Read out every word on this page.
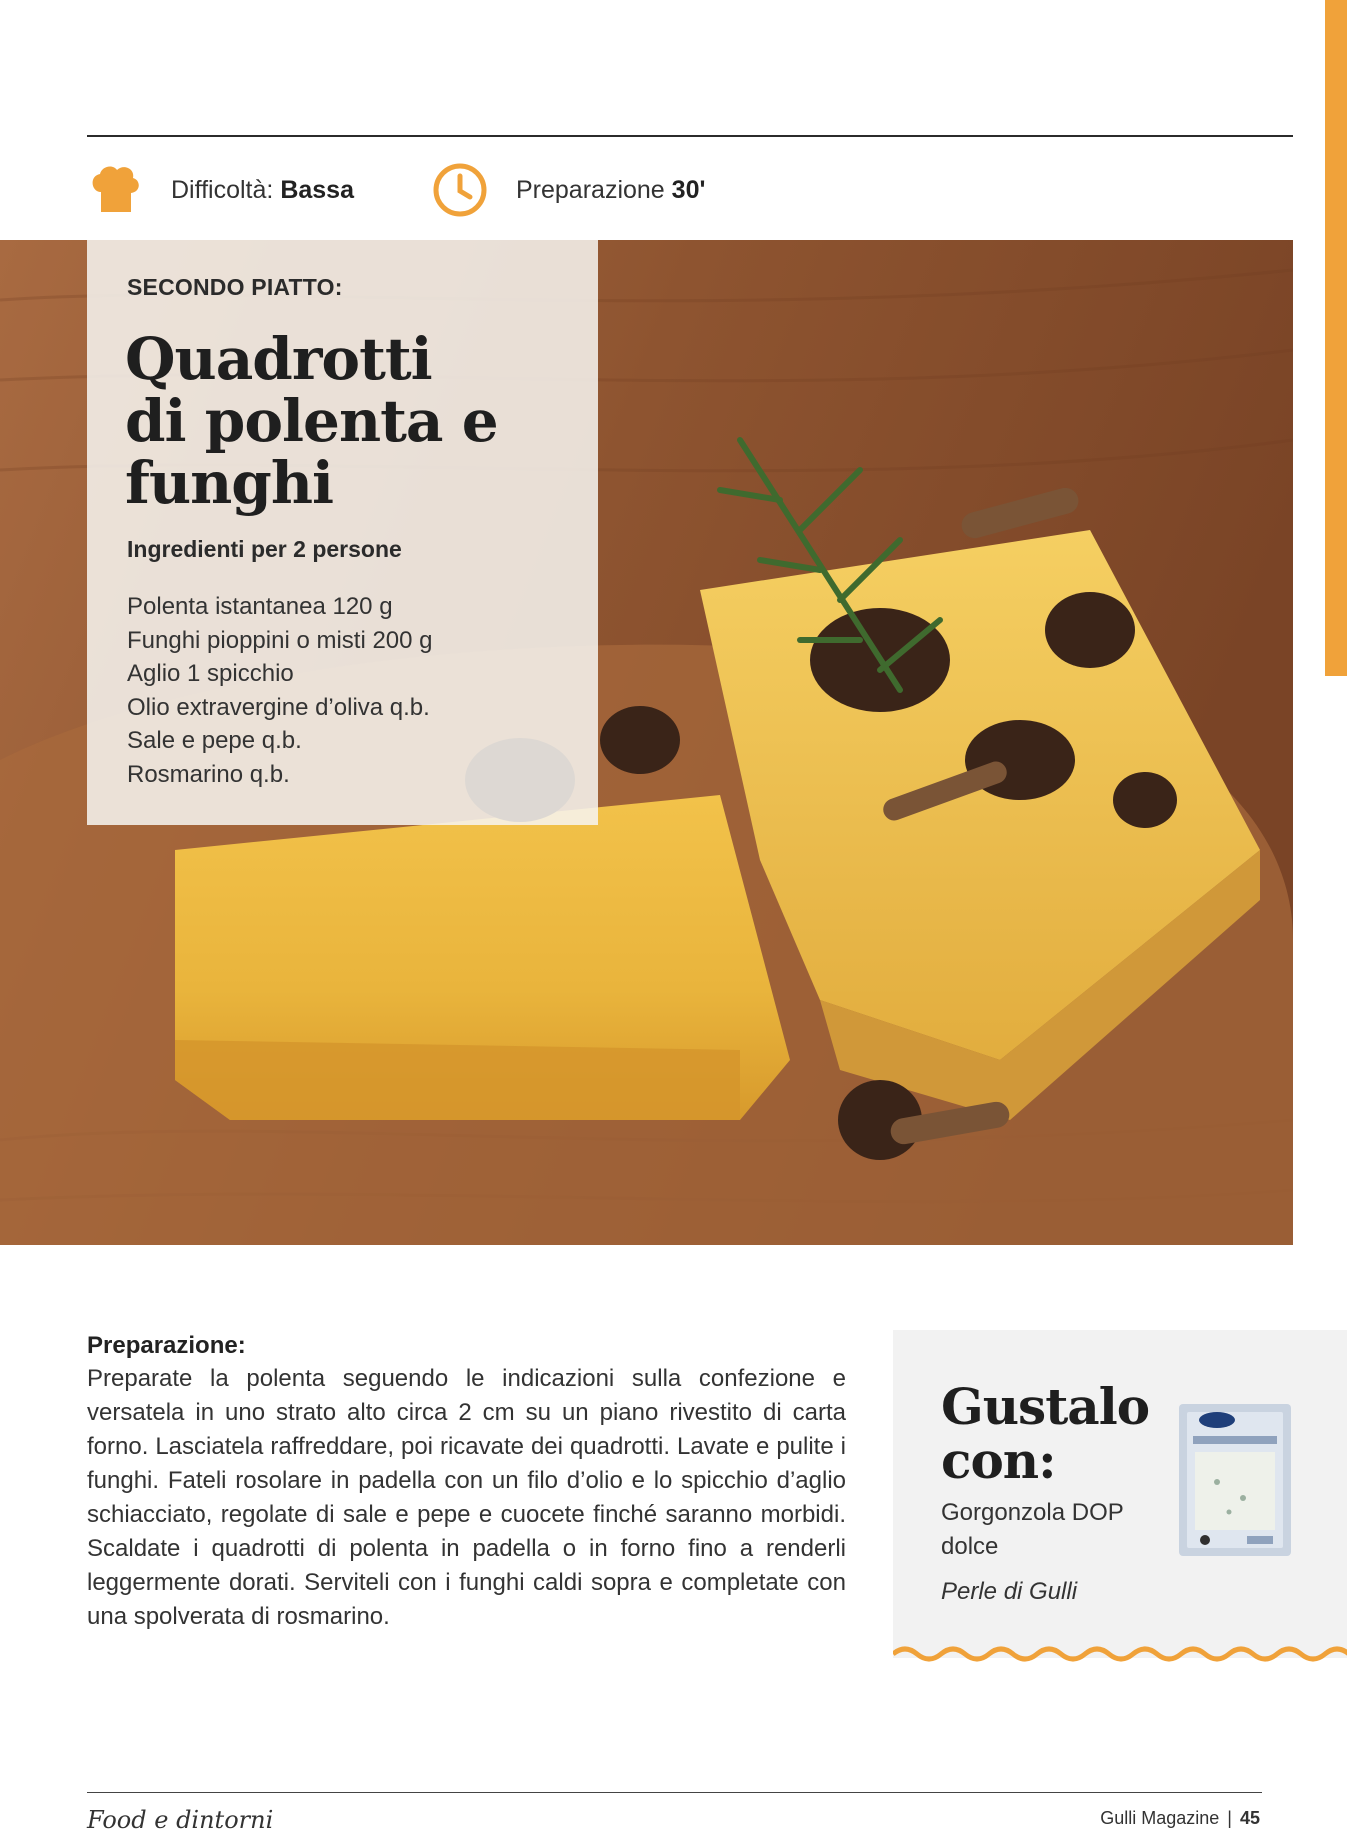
Difficoltà: Bassa	Preparazione 30'
SECONDO PIATTO:
Quadrotti
di polenta e
funghi
Ingredienti per 2 persone
Polenta istantanea 120 g
Funghi pioppini o misti 200 g
Aglio 1 spicchio
Olio extravergine d’oliva q.b.
Sale e pepe q.b.
Rosmarino q.b.

Preparazione:

Preparate la polenta seguendo le indicazioni sulla confezione e versatela in uno strato alto circa 2 cm su un piano rivestito di carta forno. Lasciatela raffreddare, poi ricavate dei quadrotti. Lavate e pulite i funghi. Fateli rosolare in padella con un filo d’olio e lo spicchio d’aglio schiacciato, regolate di sale e pepe e cuocete finché saranno morbidi. Scaldate i quadrotti di polenta in padella o in forno fino a renderli leggermente dorati. Serviteli con i funghi caldi sopra e completate con una spolverata di rosmarino.

Gustalo
con:
Gorgonzola DOP
dolce
Perle di Gulli
Food e dintorni	Gulli Magazine | 45
